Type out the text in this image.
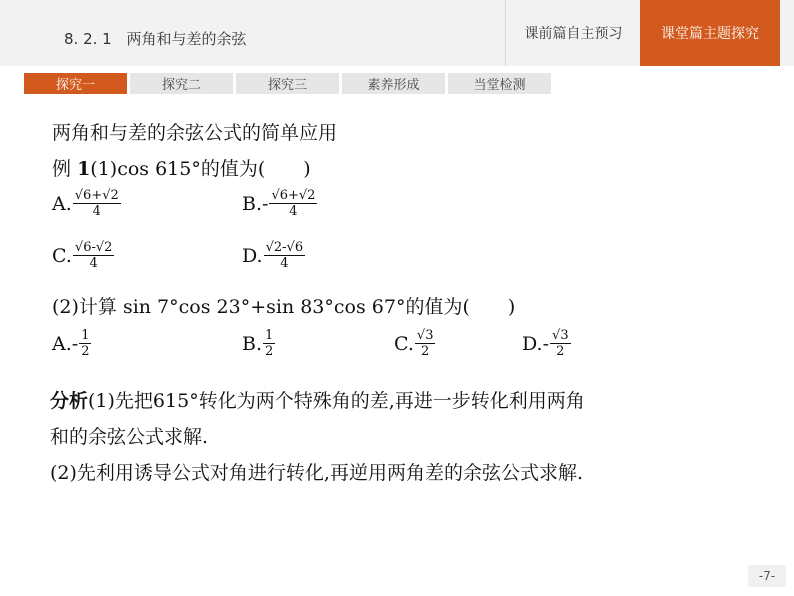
8. 2. 1 两角和与差的余弦	课前篇自主预习	课堂篇主题探究
探究一	探究二	探究三	素养形成	当堂检测
两角和与差的余弦公式的简单应用
例 1(1)cos 615°的值为(　　)
A. $\frac{√6+√2}{4}$	B. - $\frac{√6+√2}{4}$
C. $\frac{√6-√2}{4}$	D. $\frac{√2-√6}{4}$
(2)计算 sin 7°cos 23°+sin 83°cos 67°的值为(　　)
A. - $\frac{1}{2}$	B. $\frac{1}{2}$	C. $\frac{√3}{2}$	D. - $\frac{√3}{2}$
分析(1)先把615°转化为两个特殊角的差,再进一步转化利用两角
和的余弦公式求解.
(2)先利用诱导公式对角进行转化,再逆用两角差的余弦公式求解.
-7-
